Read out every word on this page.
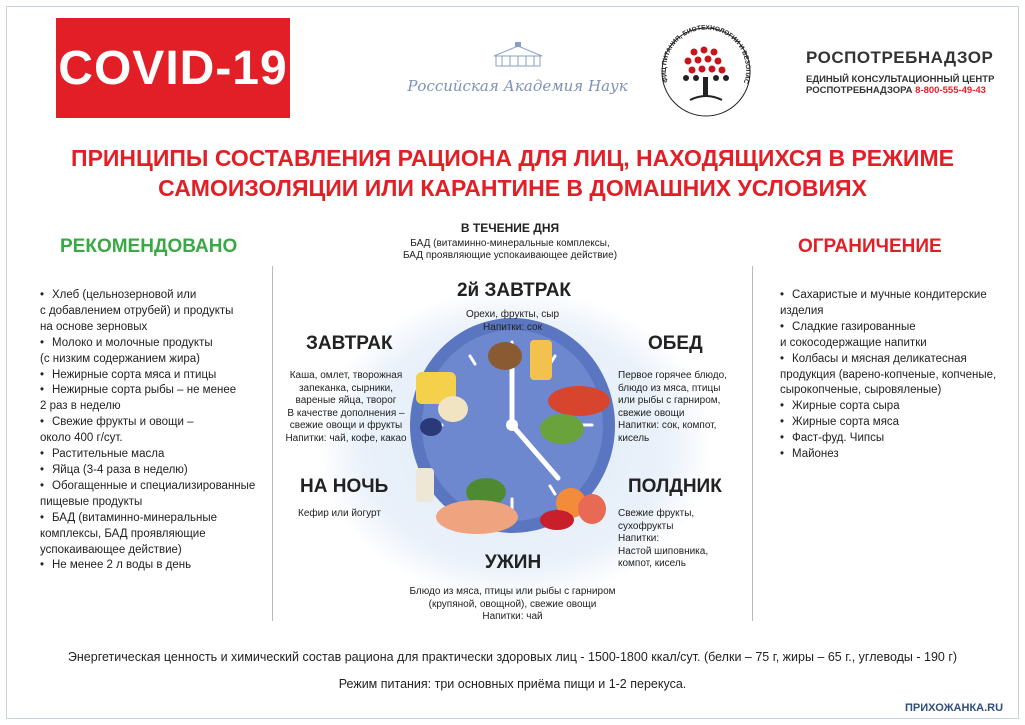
COVID-19	Российская Академия Наук	ФИЦ ПИТАНИЯ, БИОТЕХНОЛОГИИ И БЕЗОПАС
РОСПОТРЕБНАДЗОР
ЕДИНЫЙ КОНСУЛЬТАЦИОННЫЙ ЦЕНТР
РОСПОТРЕБНАДЗОРА 8-800-555-49-43
ПРИНЦИПЫ СОСТАВЛЕНИЯ РАЦИОНА ДЛЯ ЛИЦ, НАХОДЯЩИХСЯ В РЕЖИМЕ
САМОИЗОЛЯЦИИ ИЛИ КАРАНТИНЕ В ДОМАШНИХ УСЛОВИЯХ
РЕКОМЕНДОВАНО
• Хлеб (цельнозерновой или
с добавлением отрубей) и продукты
на основе зерновых
• Молоко и молочные продукты
(с низким содержанием жира)
• Нежирные сорта мяса и птицы
• Нежирные сорта рыбы – не менее
2 раз в неделю
• Свежие фрукты и овощи –
около 400 г/сут.
• Растительные масла
• Яйца (3-4 раза в неделю)
• Обогащенные и специализированные
пищевые продукты
• БАД (витаминно-минеральные
комплексы, БАД проявляющие
успокаивающее действие)
• Не менее 2 л воды в день
ОГРАНИЧЕНИЕ
• Сахаристые и мучные кондитерские
изделия
• Сладкие газированные
и сокосодержащие напитки
• Колбасы и мясная деликатесная
продукция (варено-копченые, копченые,
сырокопченые, сыровяленые)
• Жирные сорта сыра
• Жирные сорта мяса
• Фаст-фуд. Чипсы
• Майонез
В ТЕЧЕНИЕ ДНЯ
БАД (витаминно-минеральные комплексы,
БАД проявляющие успокаивающее действие)
2й ЗАВТРАК
Орехи, фрукты, сыр
Напитки: сок
ЗАВТРАК
Каша, омлет, творожная
запеканка, сырники,
вареные яйца, творог
В качестве дополнения –
свежие овощи и фрукты
Напитки: чай, кофе, какао
ОБЕД
Первое горячее блюдо,
блюдо из мяса, птицы
или рыбы с гарниром,
свежие овощи
Напитки: сок, компот,
кисель
НА НОЧЬ
Кефир или йогурт
ПОЛДНИК
Свежие фрукты,
сухофрукты
Напитки:
Настой шиповника,
компот, кисель
УЖИН
Блюдо из мяса, птицы или рыбы с гарниром
(крупяной, овощной), свежие овощи
Напитки: чай
Энергетическая ценность и химический состав рациона для практически здоровых лиц - 1500-1800 ккал/сут. (белки – 75 г, жиры – 65 г., углеводы - 190 г)
Режим питания: три основных приёма пищи и 1-2 перекуса.
ПРИХОЖАНКА.RU
